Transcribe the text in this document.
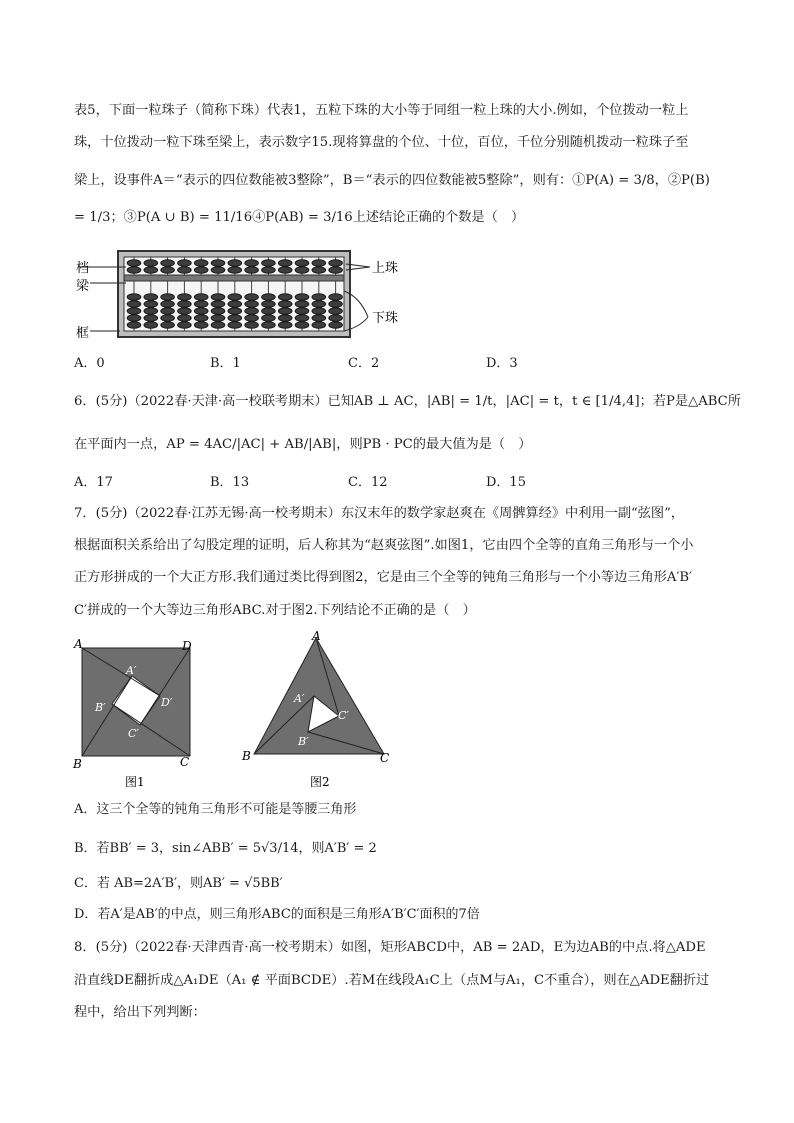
表5，下面一粒珠子（简称下珠）代表1，五粒下珠的大小等于同组一粒上珠的大小.例如，个位拨动一粒上
珠，十位拨动一粒下珠至梁上，表示数字15.现将算盘的个位、十位，百位，千位分别随机拨动一粒珠子至
梁上，设事件A＝“表示的四位数能被3整除”，B＝“表示的四位数能被5整除”，则有：①P(A) = 3/8，②P(B)
= 1/3；③P(A ∪ B) = 11/16④P(AB) = 3/16上述结论正确的个数是（　）
档
梁
框
上珠
下珠
A．0	B．1	C．2	D．3
6．(5分)（2022春·天津·高一校联考期末）已知AB ⊥ AC，|AB| = 1/t，|AC| = t，t ∈ [1/4,4]；若P是△ABC所
在平面内一点，AP = 4AC/|AC| + AB/|AB|，则PB · PC的最大值为是（　）
A．17	B．13	C．12	D．15
7．(5分)（2022春·江苏无锡·高一校考期末）东汉末年的数学家赵爽在《周髀算经》中利用一副“弦图”，
根据面积关系给出了勾股定理的证明，后人称其为“赵爽弦图”.如图1，它由四个全等的直角三角形与一个小
正方形拼成的一个大正方形.我们通过类比得到图2，它是由三个全等的钝角三角形与一个小等边三角形A′B′
C′拼成的一个大等边三角形ABC.对于图2.下列结论不正确的是（　）
A	D
B	C
A′
D′
B′
C′
图1
A
B	C
A′
C′
B′
图2
A．这三个全等的钝角三角形不可能是等腰三角形
B．若BB′ = 3，sin∠ABB′ = 5√3/14，则A′B′ = 2
C．若 AB=2A′B′，则AB′ = √5BB′
D．若A′是AB′的中点，则三角形ABC的面积是三角形A′B′C′面积的7倍
8．(5分)（2022春·天津西青·高一校考期末）如图，矩形ABCD中，AB = 2AD，E为边AB的中点.将△ADE
沿直线DE翻折成△A₁DE（A₁ ∉ 平面BCDE）.若M在线段A₁C上（点M与A₁，C不重合），则在△ADE翻折过
程中，给出下列判断：
